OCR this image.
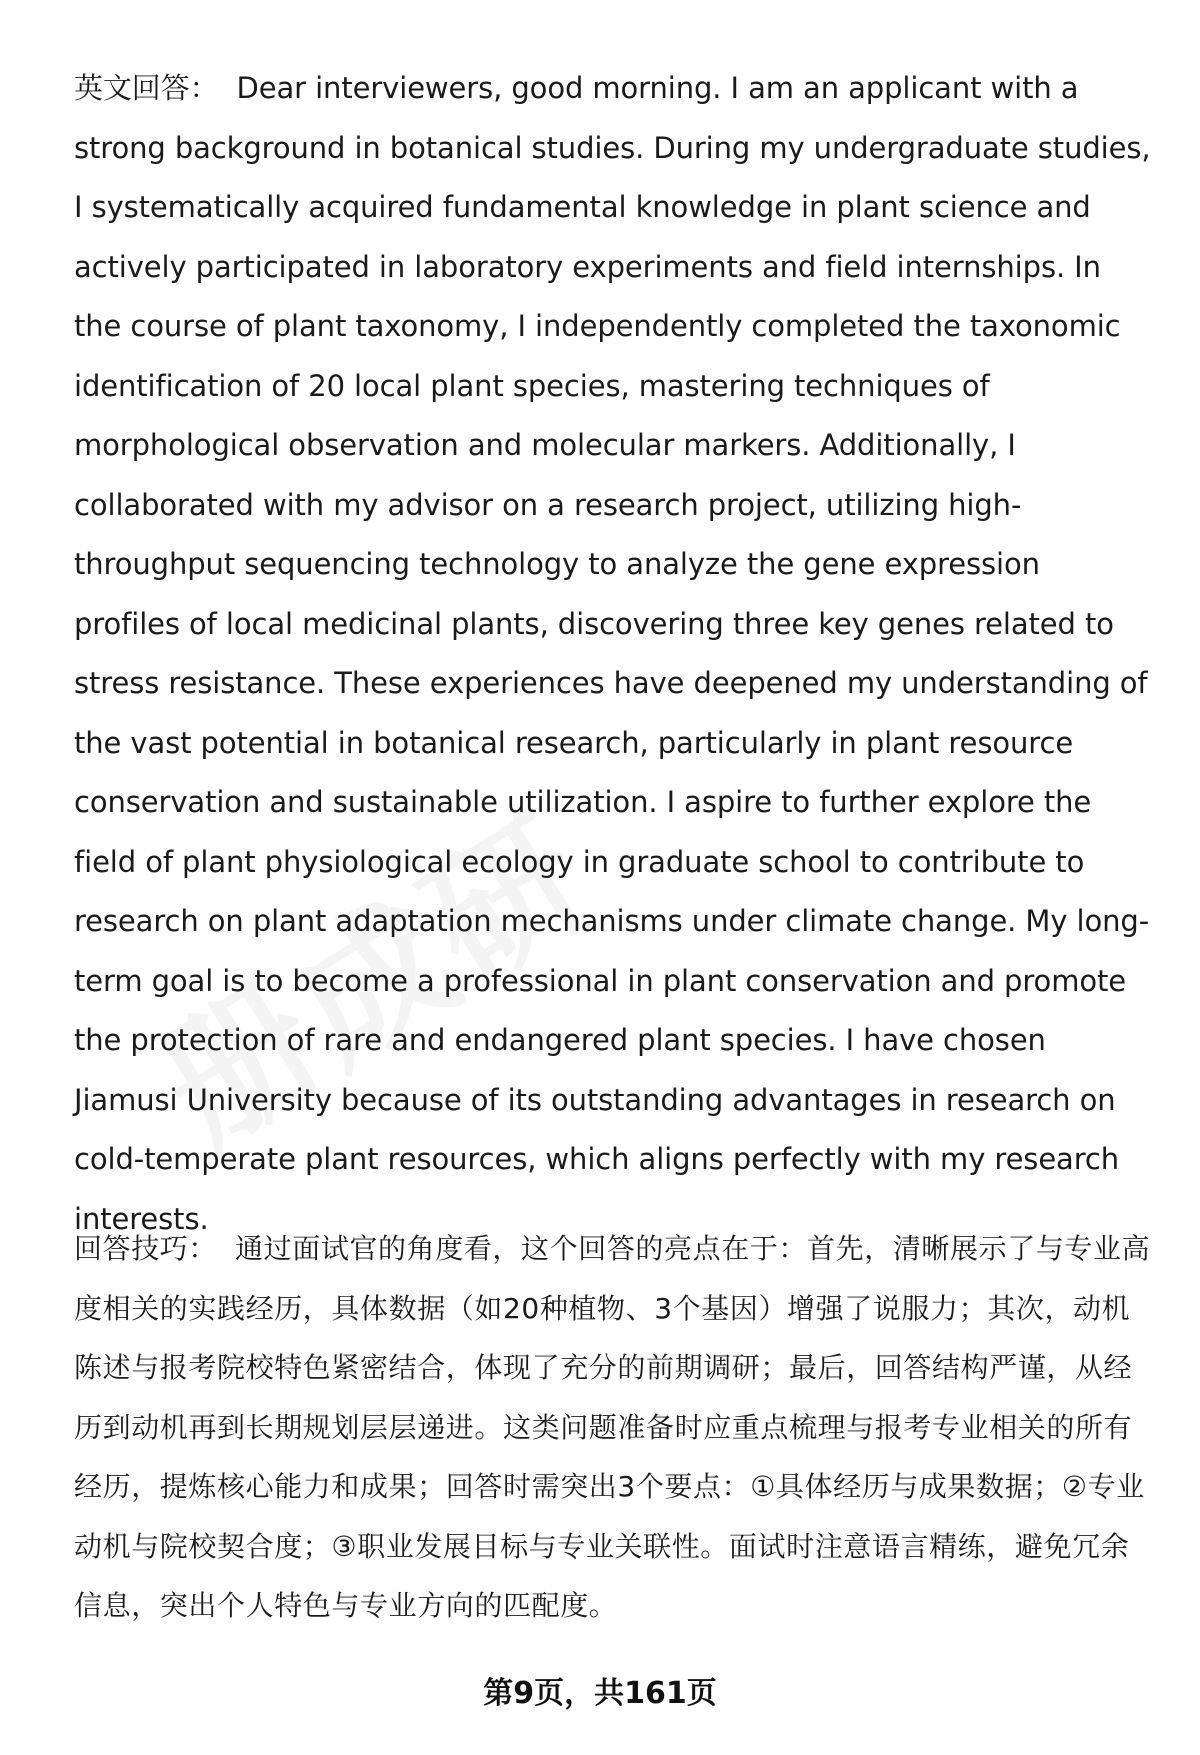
英文回答： Dear interviewers, good morning. I am an applicant with a strong background in botanical studies. During my undergraduate studies, I systematically acquired fundamental knowledge in plant science and actively participated in laboratory experiments and field internships. In the course of plant taxonomy, I independently completed the taxonomic identification of 20 local plant species, mastering techniques of morphological observation and molecular markers. Additionally, I collaborated with my advisor on a research project, utilizing high-throughput sequencing technology to analyze the gene expression profiles of local medicinal plants, discovering three key genes related to stress resistance. These experiences have deepened my understanding of the vast potential in botanical research, particularly in plant resource conservation and sustainable utilization. I aspire to further explore the field of plant physiological ecology in graduate school to contribute to research on plant adaptation mechanisms under climate change. My long-term goal is to become a professional in plant conservation and promote the protection of rare and endangered plant species. I have chosen Jiamusi University because of its outstanding advantages in research on cold-temperate plant resources, which aligns perfectly with my research interests.
回答技巧： 通过面试官的角度看，这个回答的亮点在于：首先，清晰展示了与专业高度相关的实践经历，具体数据（如20种植物、3个基因）增强了说服力；其次，动机陈述与报考院校特色紧密结合，体现了充分的前期调研；最后，回答结构严谨，从经历到动机再到长期规划层层递进。这类问题准备时应重点梳理与报考专业相关的所有经历，提炼核心能力和成果；回答时需突出3个要点：①具体经历与成果数据；②专业动机与院校契合度；③职业发展目标与专业关联性。面试时注意语言精练，避免冗余信息，突出个人特色与专业方向的匹配度。
第9页，共161页
